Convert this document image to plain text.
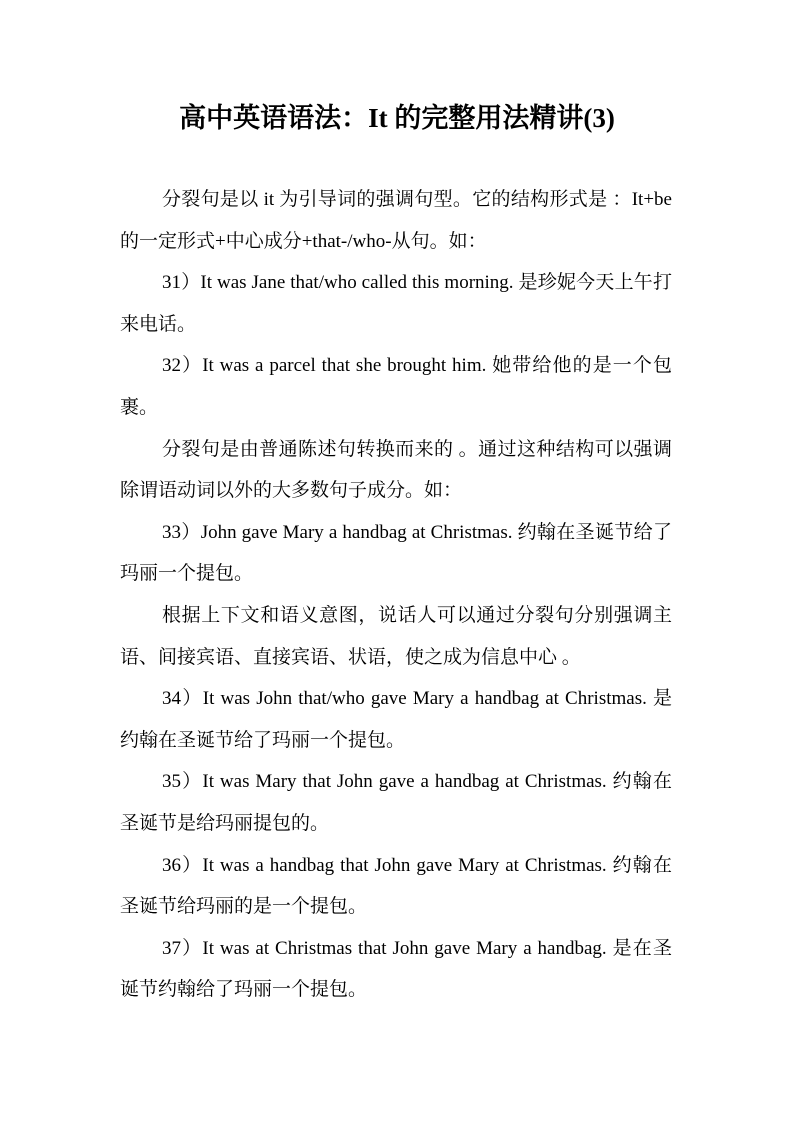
高中英语语法：It 的完整用法精讲(3)

分裂句是以 it 为引导词的强调句型。它的结构形式是 ：It+be 的一定形式+中心成分+that-/who-从句。如：

31）It was Jane that/who called this morning. 是珍妮今天上午打来电话。

32）It was a parcel that she brought him. 她带给他的是一个包裹。

分裂句是由普通陈述句转换而来的 。通过这种结构可以强调除谓语动词以外的大多数句子成分。如：

33）John gave Mary a handbag at Christmas. 约翰在圣诞节给了玛丽一个提包。

根据上下文和语义意图，说话人可以通过分裂句分别强调主语、间接宾语、直接宾语、状语，使之成为信息中心 。

34）It was John that/who gave Mary a handbag at Christmas. 是约翰在圣诞节给了玛丽一个提包。

35）It was Mary that John gave a handbag at Christmas. 约翰在圣诞节是给玛丽提包的。

36）It was a handbag that John gave Mary at Christmas. 约翰在圣诞节给玛丽的是一个提包。

37）It was at Christmas that John gave Mary a handbag. 是在圣诞节约翰给了玛丽一个提包。
